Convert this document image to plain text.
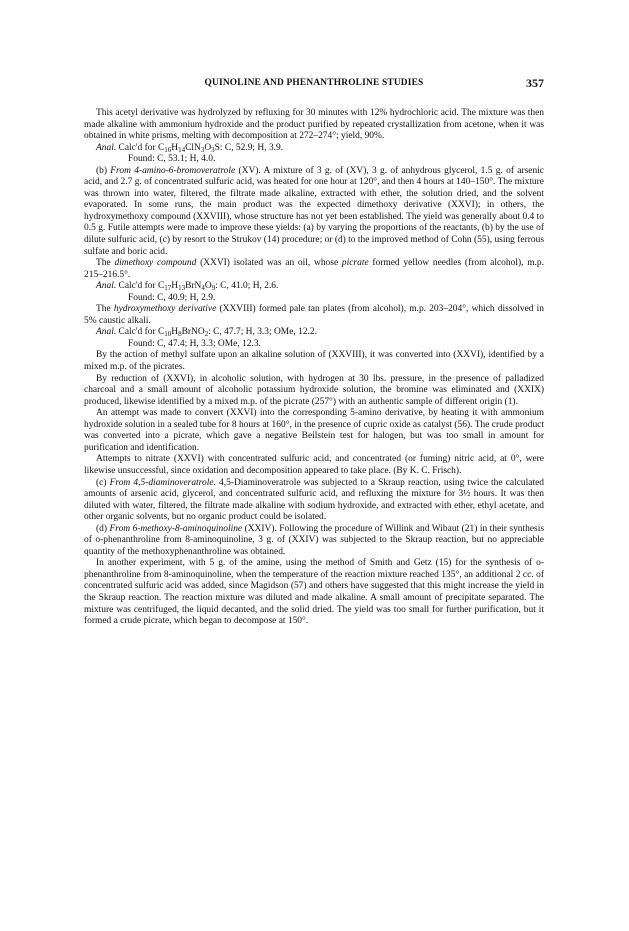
QUINOLINE AND PHENANTHROLINE STUDIES	357

This acetyl derivative was hydrolyzed by refluxing for 30 minutes with 12% hydrochloric acid. The mixture was then made alkaline with ammonium hydroxide and the product purified by repeated crystallization from acetone, when it was obtained in white prisms, melting with decomposition at 272–274°; yield, 90%.

Anal. Calc'd for $C_{16}H_{14}ClN_3O_3S$: C, 52.9; H, 3.9.

Found: C, 53.1; H, 4.0.

(b) From 4-amino-6-bromoveratrole (XV). A mixture of 3 g. of (XV), 3 g. of anhydrous glycerol, 1.5 g. of arsenic acid, and 2.7 g. of concentrated sulfuric acid, was heated for one hour at 120°, and then 4 hours at 140–150°. The mixture was thrown into water, filtered, the filtrate made alkaline, extracted with ether, the solution dried, and the solvent evaporated. In some runs, the main product was the expected dimethoxy derivative (XXVI); in others, the hydroxymethoxy compound (XXVIII), whose structure has not yet been established. The yield was generally about 0.4 to 0.5 g. Futile attempts were made to improve these yields: (a) by varying the proportions of the reactants, (b) by the use of dilute sulfuric acid, (c) by resort to the Strukov (14) procedure; or (d) to the improved method of Cohn (55), using ferrous sulfate and boric acid.

The dimethoxy compound (XXVI) isolated was an oil, whose picrate formed yellow needles (from alcohol), m.p. 215–216.5°.

Anal. Calc'd for $C_{17}H_{13}BrN_4O_9$: C, 41.0; H, 2.6.

Found: C, 40.9; H, 2.9.

The hydroxymethoxy derivative (XXVIII) formed pale tan plates (from alcohol), m.p. 203–204°, which dissolved in 5% caustic alkali.

Anal. Calc'd for $C_{10}H_8BrNO_2$: C, 47.7; H, 3.3; OMe, 12.2.

Found: C, 47.4; H, 3.3; OMe, 12.3.

By the action of methyl sulfate upon an alkaline solution of (XXVIII), it was converted into (XXVI), identified by a mixed m.p. of the picrates.

By reduction of (XXVI), in alcoholic solution, with hydrogen at 30 lbs. pressure, in the presence of palladized charcoal and a small amount of alcoholic potassium hydroxide solution, the bromine was eliminated and (XXIX) produced, likewise identified by a mixed m.p. of the picrate (257°) with an authentic sample of different origin (1).

An attempt was made to convert (XXVI) into the corresponding 5-amino derivative, by heating it with ammonium hydroxide solution in a sealed tube for 8 hours at 160°, in the presence of cupric oxide as catalyst (56). The crude product was converted into a picrate, which gave a negative Beilstein test for halogen, but was too small in amount for purification and identification.

Attempts to nitrate (XXVI) with concentrated sulfuric acid, and concentrated (or fuming) nitric acid, at 0°, were likewise unsuccessful, since oxidation and decomposition appeared to take place. (By K. C. Frisch).

(c) From 4,5-diaminoveratrole. 4,5-Diaminoveratrole was subjected to a Skraup reaction, using twice the calculated amounts of arsenic acid, glycerol, and concentrated sulfuric acid, and refluxing the mixture for 3½ hours. It was then diluted with water, filtered, the filtrate made alkaline with sodium hydroxide, and extracted with ether, ethyl acetate, and other organic solvents, but no organic product could be isolated.

(d) From 6-methoxy-8-aminoquinoline (XXIV). Following the procedure of Willink and Wibaut (21) in their synthesis of o-phenanthroline from 8-aminoquinoline, 3 g. of (XXIV) was subjected to the Skraup reaction, but no appreciable quantity of the methoxyphenanthroline was obtained.

In another experiment, with 5 g. of the amine, using the method of Smith and Getz (15) for the synthesis of o-phenanthroline from 8-aminoquinoline, when the temperature of the reaction mixture reached 135°, an additional 2 cc. of concentrated sulfuric acid was added, since Magidson (57) and others have suggested that this might increase the yield in the Skraup reaction. The reaction mixture was diluted and made alkaline. A small amount of precipitate separated. The mixture was centrifuged, the liquid decanted, and the solid dried. The yield was too small for further purification, but it formed a crude picrate, which began to decompose at 150°.
